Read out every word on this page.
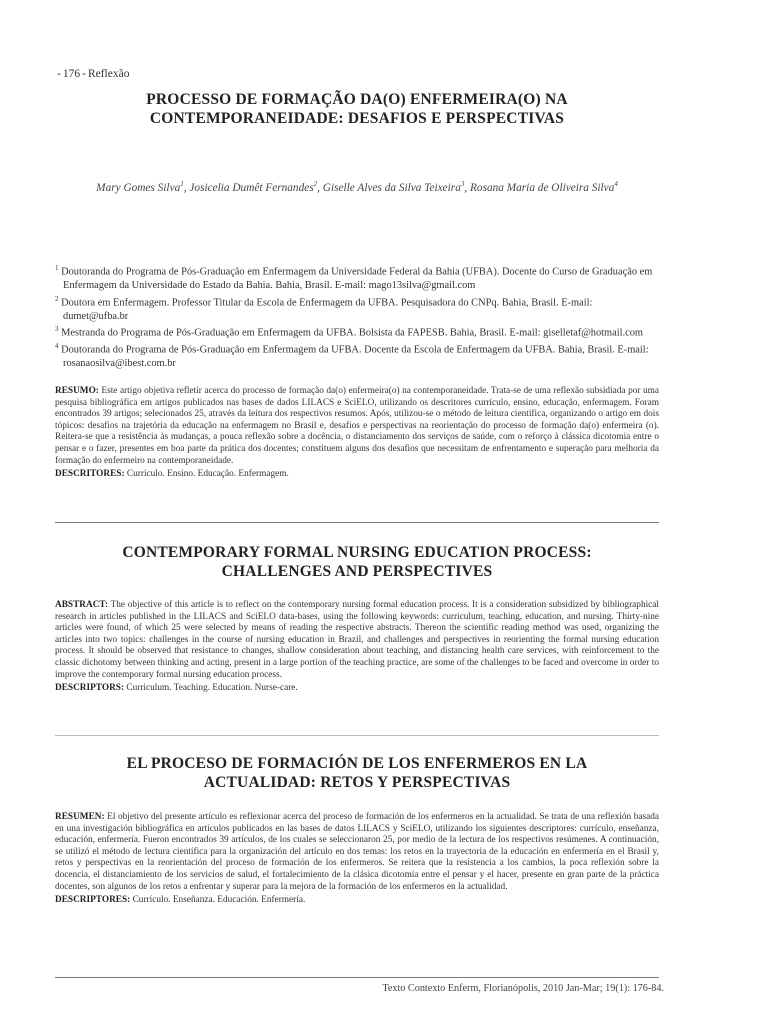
- 176 - Reflexão
PROCESSO DE FORMAÇÃO DA(O) ENFERMEIRA(O) NA
CONTEMPORANEIDADE: DESAFIOS E PERSPECTIVAS
Mary Gomes Silva$^1$, Josicelia Dumêt Fernandes$^2$, Giselle Alves da Silva Teixeira$^3$, Rosana Maria de Oliveira Silva$^4$

$^1$ Doutoranda do Programa de Pós-Graduação em Enfermagem da Universidade Federal da Bahia (UFBA). Docente do Curso de Graduação em Enfermagem da Universidade do Estado da Bahia. Bahia, Brasil. E-mail: mago13silva@gmail.com

$^2$ Doutora em Enfermagem. Professor Titular da Escola de Enfermagem da UFBA. Pesquisadora do CNPq. Bahia, Brasil. E-mail: dumet@ufba.br

$^3$ Mestranda do Programa de Pós-Graduação em Enfermagem da UFBA. Bolsista da FAPESB. Bahia, Brasil. E-mail: giselletaf@hotmail.com

$^4$ Doutoranda do Programa de Pós-Graduação em Enfermagem da UFBA. Docente da Escola de Enfermagem da UFBA. Bahia, Brasil. E-mail: rosanaosilva@ibest.com.br

RESUMO: Este artigo objetiva refletir acerca do processo de formação da(o) enfermeira(o) na contemporaneidade. Trata-se de uma reflexão subsidiada por uma pesquisa bibliográfica em artigos publicados nas bases de dados LILACS e SciELO, utilizando os descritores currículo, ensino, educação, enfermagem. Foram encontrados 39 artigos; selecionados 25, através da leitura dos respectivos resumos. Após, utilizou-se o método de leitura científica, organizando o artigo em dois tópicos: desafios na trajetória da educação na enfermagem no Brasil e, desafios e perspectivas na reorientação do processo de formação da(o) enfermeira (o). Reitera-se que a resistência às mudanças, a pouca reflexão sobre a docência, o distanciamento dos serviços de saúde, com o reforço à clássica dicotomia entre o pensar e o fazer, presentes em boa parte da prática dos docentes; constituem alguns dos desafios que necessitam de enfrentamento e superação para melhoria da formação do enfermeiro na contemporaneidade.
DESCRITORES: Currículo. Ensino. Educação. Enfermagem.
CONTEMPORARY FORMAL NURSING EDUCATION PROCESS:
CHALLENGES AND PERSPECTIVES
ABSTRACT: The objective of this article is to reflect on the contemporary nursing formal education process. It is a consideration subsidized by bibliographical research in articles published in the LILACS and SciELO data-bases, using the following keywords: curriculum, teaching, education, and nursing. Thirty-nine articles were found, of which 25 were selected by means of reading the respective abstracts. Thereon the scientific reading method was used, organizing the articles into two topics: challenges in the course of nursing education in Brazil, and challenges and perspectives in reorienting the formal nursing education process. It should be observed that resistance to changes, shallow consideration about teaching, and distancing health care services, with reinforcement to the classic dichotomy between thinking and acting, present in a large portion of the teaching practice, are some of the challenges to be faced and overcome in order to improve the contemporary formal nursing education process.
DESCRIPTORS: Curriculum. Teaching. Education. Nurse-care.
EL PROCESO DE FORMACIÓN DE LOS ENFERMEROS EN LA
ACTUALIDAD: RETOS Y PERSPECTIVAS
RESUMEN: El objetivo del presente artículo es reflexionar acerca del proceso de formación de los enfermeros en la actualidad. Se trata de una reflexión basada en una investigación bibliográfica en artículos publicados en las bases de datos LILACS y SciELO, utilizando los siguientes descriptores: currículo, enseñanza, educación, enfermería. Fueron encontrados 39 artículos, de los cuales se seleccionaron 25, por medio de la lectura de los respectivos resúmenes. A continuación, se utilizó el método de lectura científica para la organización del artículo en dos temas: los retos en la trayectoria de la educación en enfermería en el Brasil y, retos y perspectivas en la reorientación del proceso de formación de los enfermeros. Se reitera que la resistencia a los cambios, la poca reflexión sobre la docencia, el distanciamiento de los servicios de salud, el fortalecimiento de la clásica dicotomía entre el pensar y el hacer, presente en gran parte de la práctica docentes, son algunos de los retos a enfrentar y superar para la mejora de la formación de los enfermeros en la actualidad.
DESCRIPTORES: Currículo. Enseñanza. Educación. Enfermería.
Texto Contexto Enferm, Florianópolis, 2010 Jan-Mar; 19(1): 176-84.
